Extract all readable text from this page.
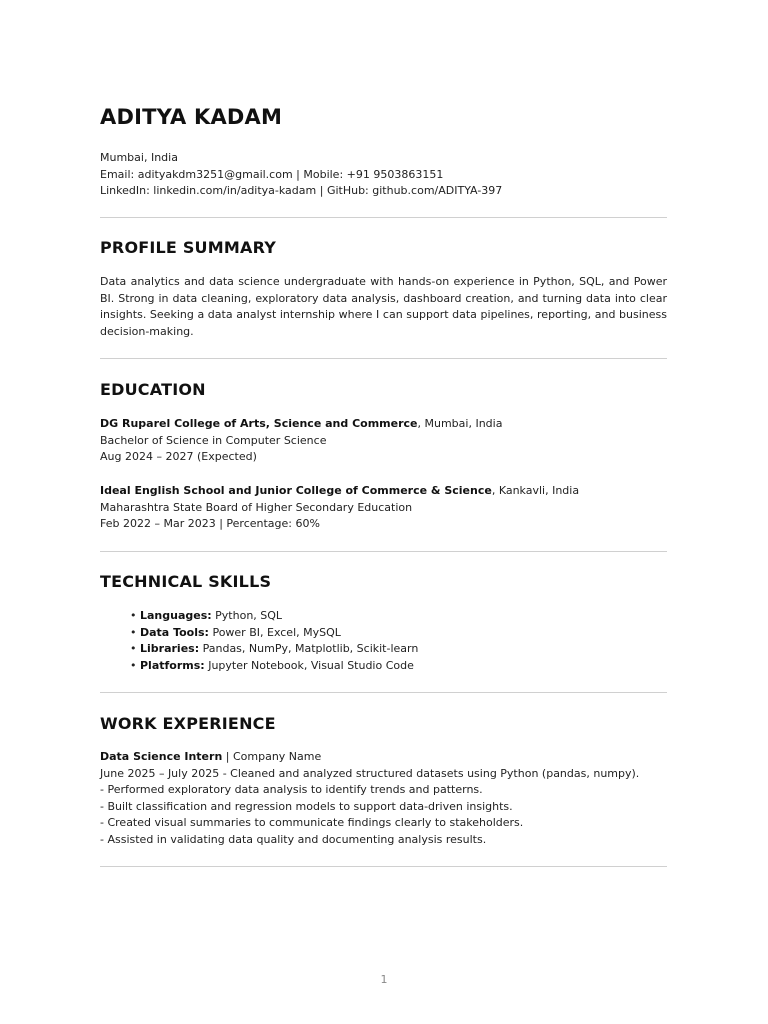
ADITYA KADAM
Mumbai, India
Email: adityakdm3251@gmail.com | Mobile: +91 9503863151
LinkedIn: linkedin.com/in/aditya-kadam | GitHub: github.com/ADITYA-397
PROFILE SUMMARY
Data analytics and data science undergraduate with hands-on experience in Python, SQL, and Power BI. Strong in data cleaning, exploratory data analysis, dashboard creation, and turning data into clear insights. Seeking a data analyst internship where I can support data pipelines, reporting, and business decision-making.
EDUCATION
DG Ruparel College of Arts, Science and Commerce, Mumbai, India
Bachelor of Science in Computer Science
Aug 2024 – 2027 (Expected)
Ideal English School and Junior College of Commerce & Science, Kankavli, India
Maharashtra State Board of Higher Secondary Education
Feb 2022 – Mar 2023 | Percentage: 60%
TECHNICAL SKILLS
• Languages: Python, SQL
• Data Tools: Power BI, Excel, MySQL
• Libraries: Pandas, NumPy, Matplotlib, Scikit-learn
• Platforms: Jupyter Notebook, Visual Studio Code
WORK EXPERIENCE
Data Science Intern | Company Name
June 2025 – July 2025 - Cleaned and analyzed structured datasets using Python (pandas, numpy).
- Performed exploratory data analysis to identify trends and patterns.
- Built classification and regression models to support data-driven insights.
- Created visual summaries to communicate findings clearly to stakeholders.
- Assisted in validating data quality and documenting analysis results.
1
